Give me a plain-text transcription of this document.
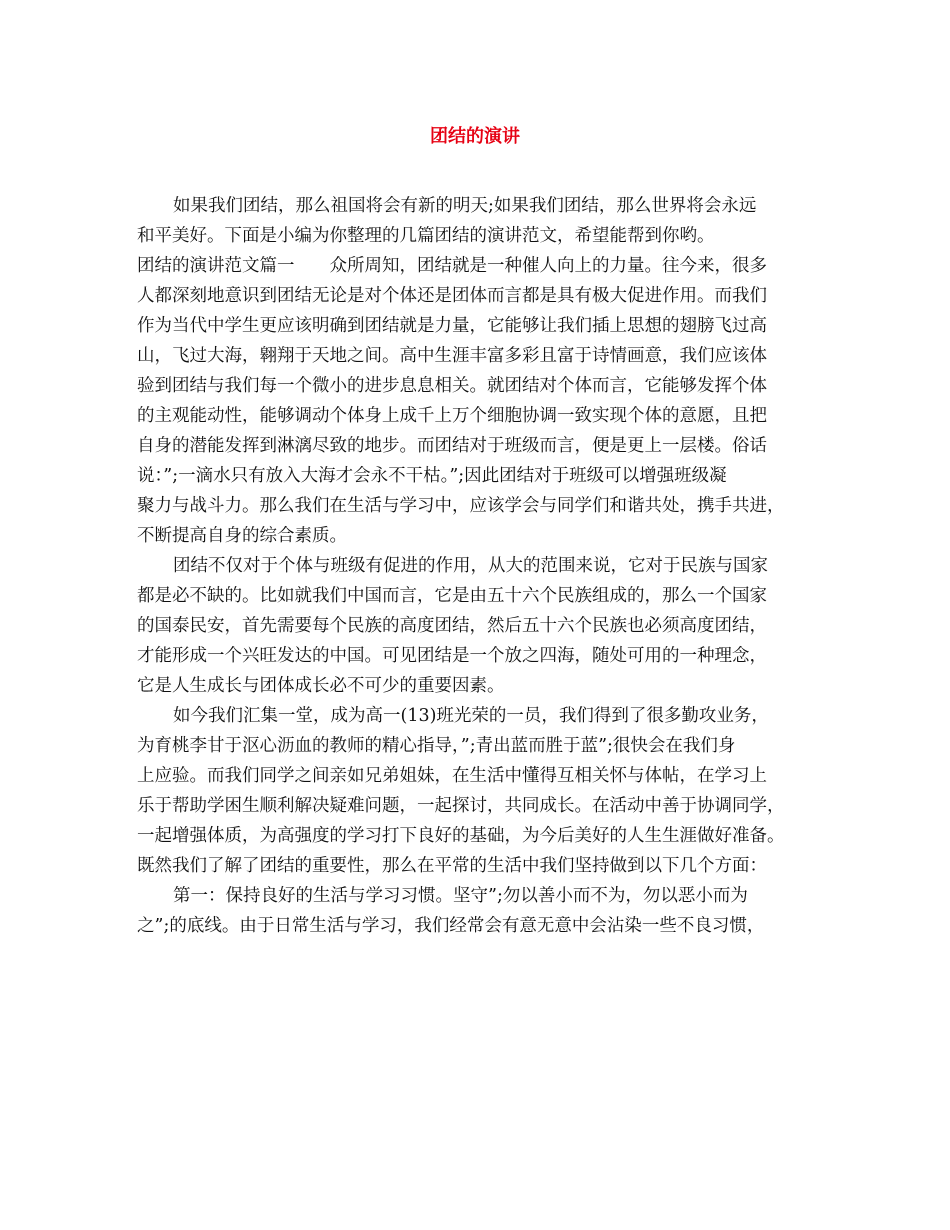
团结的演讲
如果我们团结，那么祖国将会有新的明天;如果我们团结，那么世界将会永远
和平美好。下面是小编为你整理的几篇团结的演讲范文，希望能帮到你哟。
团结的演讲范文篇一　　众所周知，团结就是一种催人向上的力量。往今来，很多
人都深刻地意识到团结无论是对个体还是团体而言都是具有极大促进作用。而我们
作为当代中学生更应该明确到团结就是力量，它能够让我们插上思想的翅膀飞过高
山，飞过大海，翱翔于天地之间。高中生涯丰富多彩且富于诗情画意，我们应该体
验到团结与我们每一个微小的进步息息相关。就团结对个体而言，它能够发挥个体
的主观能动性，能够调动个体身上成千上万个细胞协调一致实现个体的意愿，且把
自身的潜能发挥到淋漓尽致的地步。而团结对于班级而言，便是更上一层楼。俗话
说：”;一滴水只有放入大海才会永不干枯。”;因此团结对于班级可以增强班级凝
聚力与战斗力。那么我们在生活与学习中，应该学会与同学们和谐共处，携手共进，
不断提高自身的综合素质。
团结不仅对于个体与班级有促进的作用，从大的范围来说，它对于民族与国家
都是必不缺的。比如就我们中国而言，它是由五十六个民族组成的，那么一个国家
的国泰民安，首先需要每个民族的高度团结，然后五十六个民族也必须高度团结，
才能形成一个兴旺发达的中国。可见团结是一个放之四海，随处可用的一种理念，
它是人生成长与团体成长必不可少的重要因素。
如今我们汇集一堂，成为高一(13)班光荣的一员，我们得到了很多勤攻业务，
为育桃李甘于沤心沥血的教师的精心指导，”;青出蓝而胜于蓝”;很快会在我们身
上应验。而我们同学之间亲如兄弟姐妹，在生活中懂得互相关怀与体帖，在学习上
乐于帮助学困生顺利解决疑难问题，一起探讨，共同成长。在活动中善于协调同学，
一起增强体质，为高强度的学习打下良好的基础，为今后美好的人生生涯做好准备。
既然我们了解了团结的重要性，那么在平常的生活中我们坚持做到以下几个方面：
第一：保持良好的生活与学习习惯。坚守”;勿以善小而不为，勿以恶小而为
之”;的底线。由于日常生活与学习，我们经常会有意无意中会沾染一些不良习惯，
